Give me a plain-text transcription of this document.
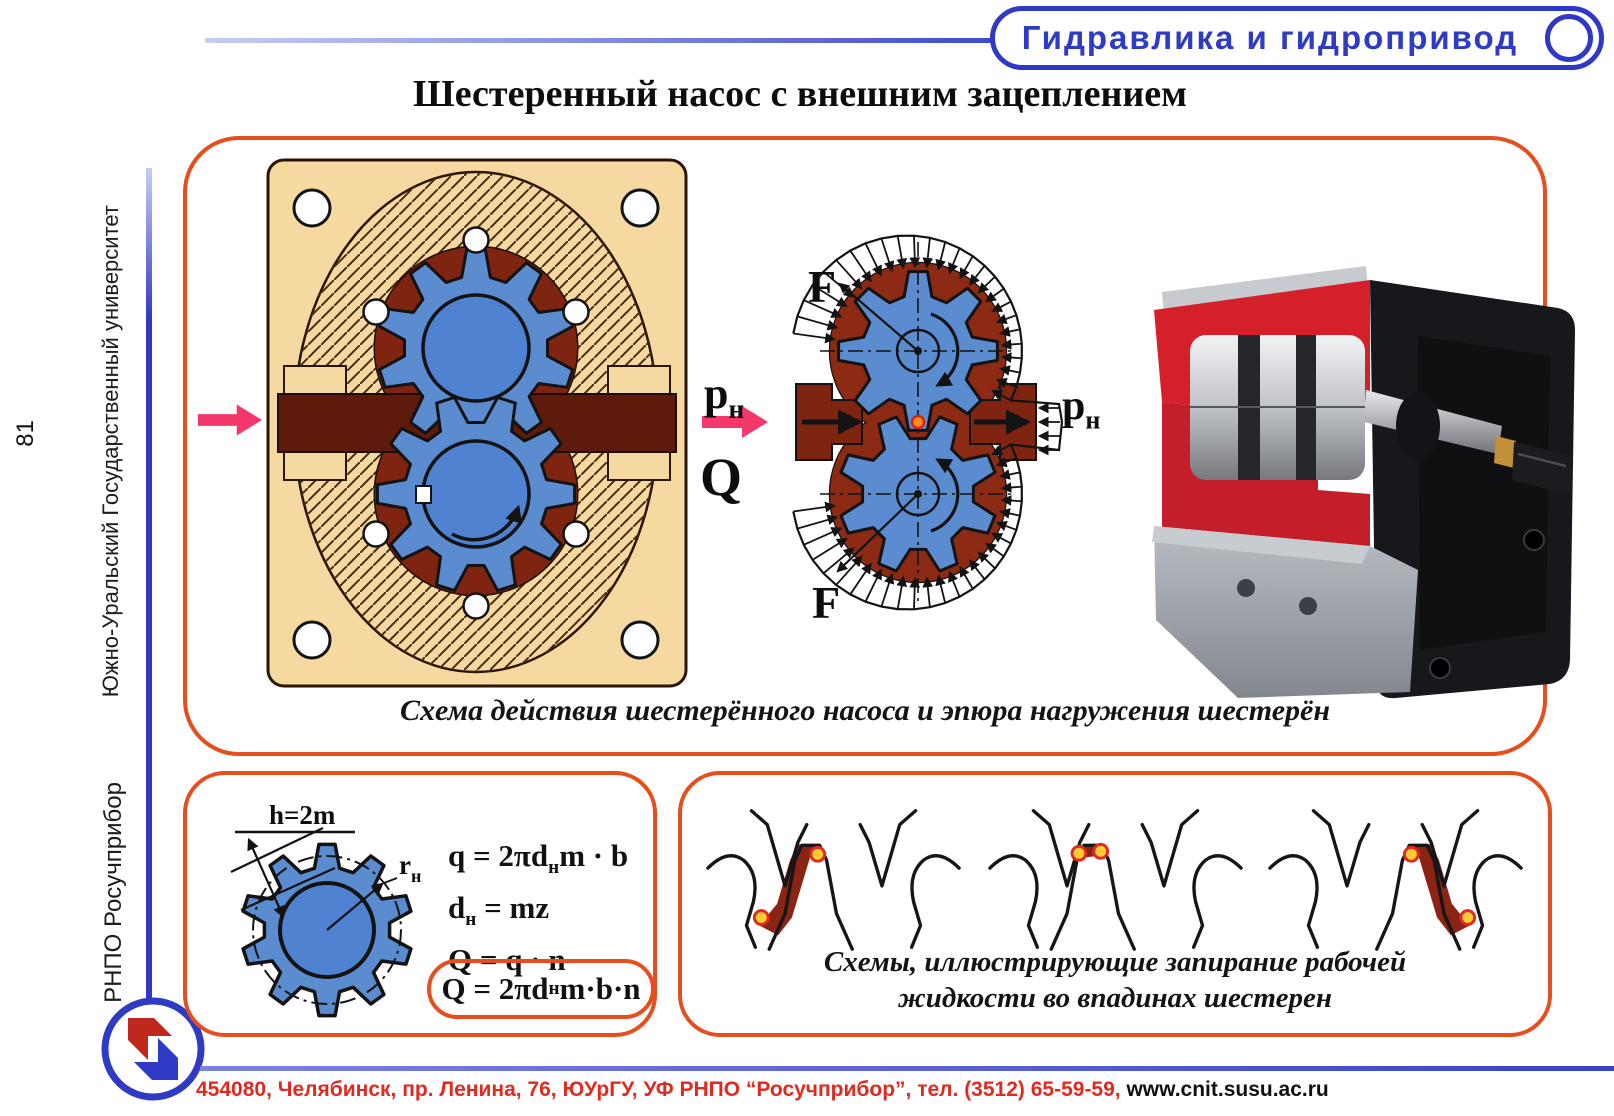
Гидравлика и гидропривод
Шестеренный насос с внешним зацеплением
Южно-Уральский Государственный университет
РНПО Росучприбор
81
$p_н$
Q
F
F
$p_н$
Схема действия шестерённого насоса и эпюра нагружения шестерён
h=2m
$r_н$
$q = 2\pi d_нm \cdot b$
$d_н$ = mz
Q = q · n
Q = 2πd н m·b·n
Схемы, иллюстрирующие запирание рабочей
жидкости во впадинах шестерен
454080, Челябинск, пр. Ленина, 76, ЮУрГУ, УФ РНПО “Росучприбор”, тел. (3512) 65-59-59, www.cnit.susu.ac.ru
